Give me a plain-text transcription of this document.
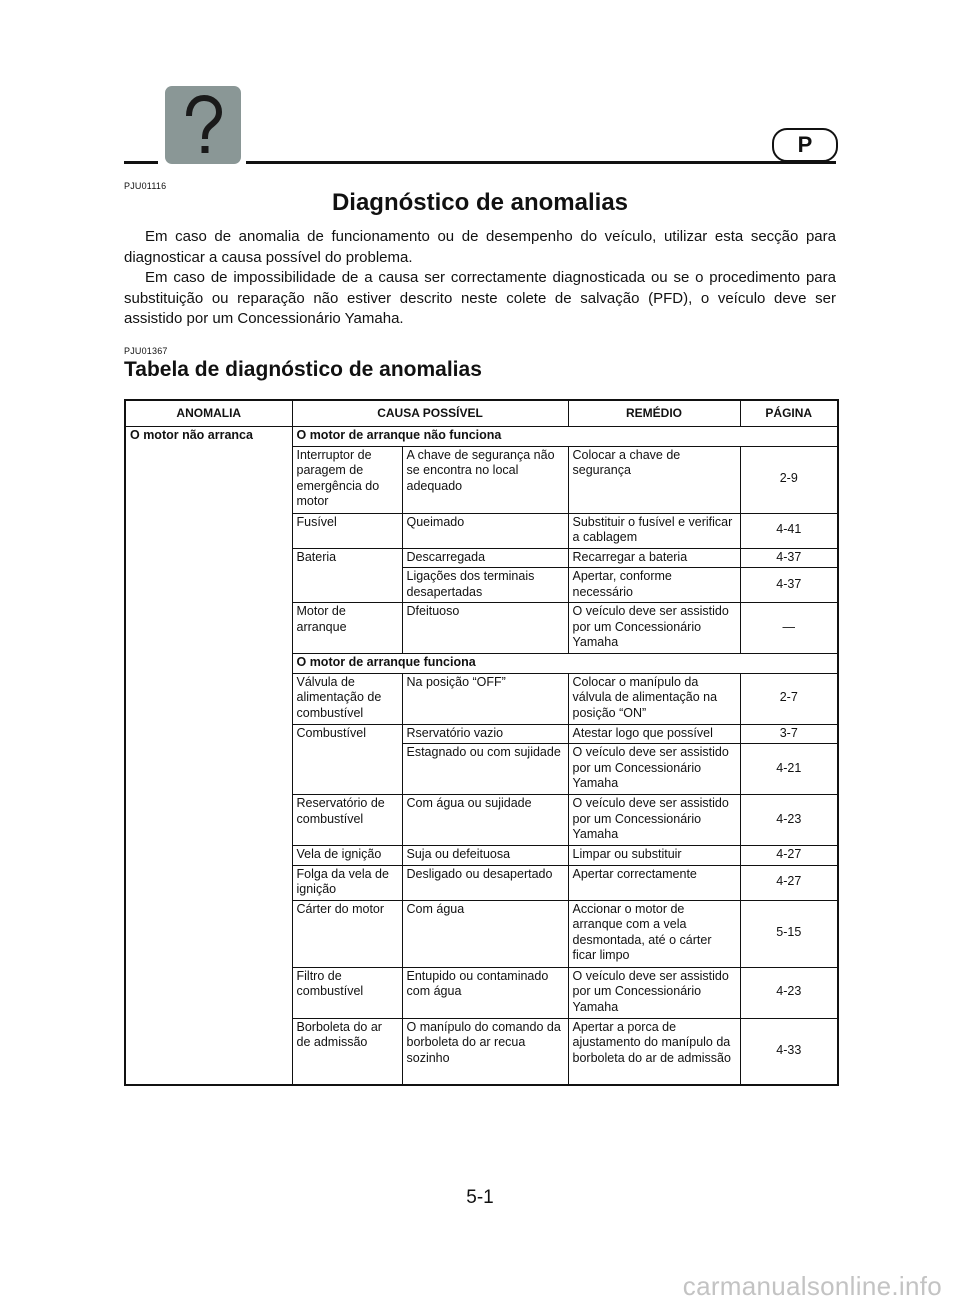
P
PJU01116
Diagnóstico de anomalias

Em caso de anomalia de funcionamento ou de desempenho do veículo, utilizar esta secção para diagnosticar a causa possível do problema.

Em caso de impossibilidade de a causa ser correctamente diagnosticada ou se o procedimento para substituição ou reparação não estiver descrito neste colete de salvação (PFD), o veículo deve ser assistido por um Concessionário Yamaha.

PJU01367
Tabela de diagnóstico de anomalias
ANOMALIA	CAUSA POSSÍVEL		REMÉDIO	PÁGINA
O motor não arranca	O motor de arranque não funciona			
	Interruptor de paragem de emergência do motor	A chave de segurança não se encontra no local adequado	Colocar a chave de segurança	2-9
	Fusível	Queimado	Substituir o fusível e verificar a cablagem	4-41
	Bateria	Descarregada	Recarregar a bateria	4-37
		Ligações dos terminais desapertadas	Apertar, conforme necessário	4-37
	Motor de arranque	Dfeituoso	O veículo deve ser assistido por um Concessionário Yamaha	—
	O motor de arranque funciona			
	Válvula de alimentação de combustível	Na posição “OFF”	Colocar o manípulo da válvula de alimentação na posição “ON”	2-7
	Combustível	Rservatório vazio	Atestar logo que possível	3-7
		Estagnado ou com sujidade	O veículo deve ser assistido por um Concessionário Yamaha	4-21
	Reservatório de combustível	Com água ou sujidade	O veículo deve ser assistido por um Concessionário Yamaha	4-23
	Vela de ignição	Suja ou defeituosa	Limpar ou substituir	4-27
	Folga da vela de ignição	Desligado ou desapertado	Apertar correctamente	4-27
	Cárter do motor	Com água	Accionar o motor de arranque com a vela desmontada, até o cárter ficar limpo	5-15
	Filtro de combustível	Entupido ou contaminado com água	O veículo deve ser assistido por um Concessionário Yamaha	4-23
	Borboleta do ar de admissão	O manípulo do comando da borboleta do ar recua sozinho	Apertar a porca de ajustamento do manípulo da borboleta do ar de admissão	4-33
5-1
carmanualsonline.info
